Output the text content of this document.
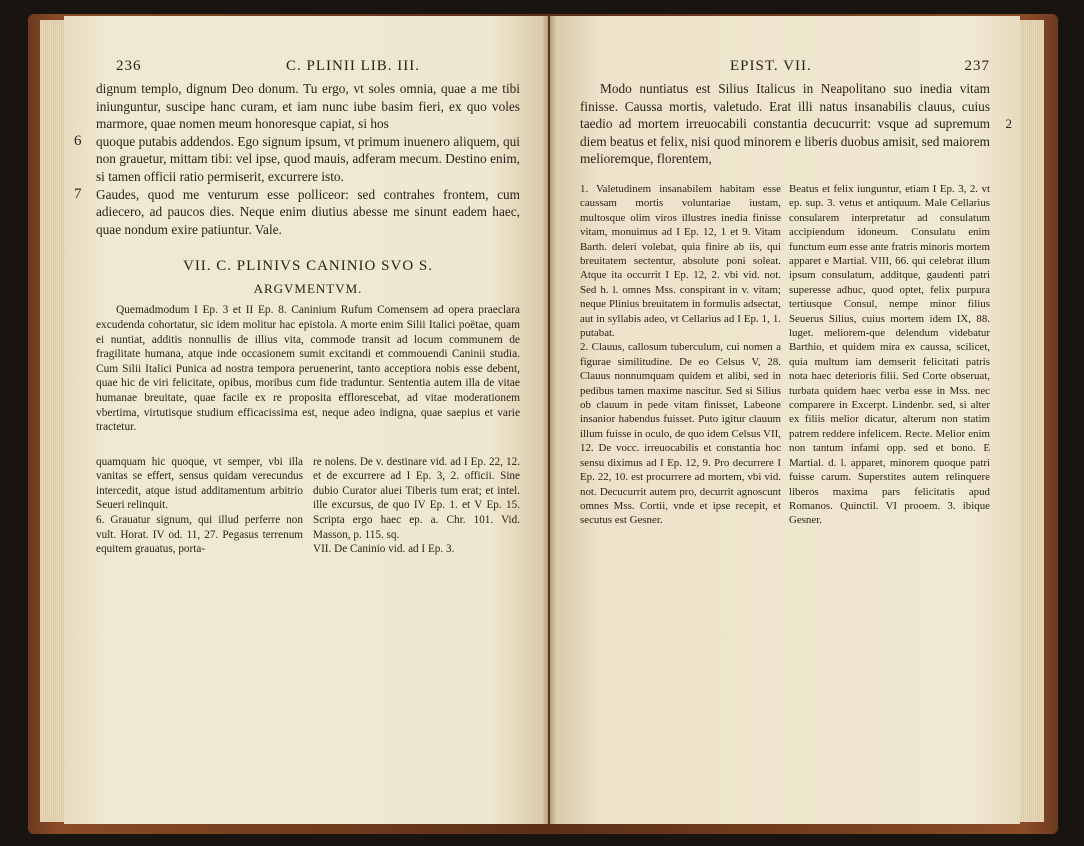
236	C. PLINII LIB. III.

dignum templo, dignum Deo donum. Tu ergo, vt soles omnia, quae a me tibi iniunguntur, suscipe hanc curam, et iam nunc iube basim fieri, ex quo voles marmore, quae nomen meum honoresque capiat, si hos

6 quoque putabis addendos. Ego signum ipsum, vt primum inuenero aliquem, qui non grauetur, mittam tibi: vel ipse, quod mauis, adferam mecum. Destino enim, si tamen officii ratio permiserit, excurrere isto.

7 Gaudes, quod me venturum esse polliceor: sed contrahes frontem, cum adiecero, ad paucos dies. Neque enim diutius abesse me sinunt eadem haec, quae nondum exire patiuntur. Vale.

VII. C. PLINIVS CANINIO SVO S.
ARGVMENTVM.

Quemadmodum I Ep. 3 et II Ep. 8. Caninium Rufum Comensem ad opera praeclara excudenda cohortatur, sic idem molitur hac epistola. A morte enim Silii Italici poëtae, quam ei nuntiat, additis nonnullis de illius vita, commode transit ad locum communem de fragilitate humana, atque inde occasionem sumit excitandi et commouendi Caninii studia. Cum Silii Italici Punica ad nostra tempora peruenerint, tanto acceptiora nobis esse debent, quae hic de viri felicitate, opibus, moribus cum fide traduntur. Sententia autem illa de vitae humanae breuitate, quae facile ex re proposita efflorescebat, ad vitae moderationem vbertima, virtutisque studium efficacissima est, neque adeo indigna, quae saepius et varie tractetur.

quamquam hic quoque, vt semper, vbi illa vanitas se effert, sensus quidam verecundus intercedit, atque istud additamentum arbitrio Seueri relinquit.
6. Grauatur signum, qui illud perferre non vult. Horat. IV od. 11, 27. Pegasus terrenum equitem grauatus, porta-

re nolens. De v. destinare vid. ad I Ep. 22, 12. et de excurrere ad I Ep. 3, 2. officii. Sine dubio Curator aluei Tiberis tum erat; et intel. ille excursus, de quo IV Ep. 1. et V Ep. 15. Scripta ergo haec ep. a. Chr. 101. Vid. Masson, p. 115. sq.
VII. De Caninio vid. ad I Ep. 3.

EPIST. VII.	237
2

Modo nuntiatus est Silius Italicus in Neapolitano suo inedia vitam finisse. Caussa mortis, valetudo. Erat illi natus insanabilis clauus, cuius taedio ad mortem irreuocabili constantia decucurrit: vsque ad supremum diem beatus et felix, nisi quod minorem e liberis duobus amisit, sed maiorem melioremque, florentem,

1. Valetudinem insanabilem habitam esse caussam mortis voluntariae iustam, multosque olim viros illustres inedia finisse vitam, monuimus ad I Ep. 12, 1 et 9. Vitam Barth. deleri volebat, quia finire ab iis, qui breuitatem sectentur, absolute poni soleat. Atque ita occurrit I Ep. 12, 2. vbi vid. not. Sed h. l. omnes Mss. conspirant in v. vitam; neque Plinius breuitatem in formulis adsectat, aut in syllabis adeo, vt Cellarius ad I Ep. 1, 1. putabat.
2. Clauus, callosum tuberculum, cui nomen a figurae similitudine. De eo Celsus V, 28. Clauus nonnumquam quidem et alibi, sed in pedibus tamen maxime nascitur. Sed si Silius ob clauum in pede vitam finisset, Labeone insanior habendus fuisset. Puto igitur clauum illum fuisse in oculo, de quo idem Celsus VII, 12. De vocc. irreuocabilis et constantia hoc sensu diximus ad I Ep. 12, 9. Pro decurrere I Ep. 22, 10. est procurrere ad mortem, vbi vid. not. Decucurrit autem pro, decurrit agnoscunt omnes Mss. Cortii, vnde et ipse recepit, et secutus est Gesner.

Beatus et felix iunguntur, etiam I Ep. 3, 2. vt ep. sup. 3. vetus et antiquum. Male Cellarius consularem interpretatur ad consulatum accipiendum idoneum. Consulatu enim functum eum esse ante fratris minoris mortem apparet e Martial. VIII, 66. qui celebrat illum ipsum consulatum, additque, gaudenti patri superesse adhuc, quod optet, felix purpura tertiusque Consul, nempe minor filius Seuerus Silius, cuius mortem idem IX, 88. luget. meliorem-que delendum videbatur Barthio, et quidem mira ex caussa, scilicet, quia multum iam demserit felicitati patris nota haec deterioris filii. Sed Corte obseruat, turbata quidem haec verba esse in Mss. nec comparere in Excerpt. Lindenbr. sed, si alter ex filiis melior dicatur, alterum non statim patrem reddere infelicem. Recte. Melior enim non tantum infami opp. sed et bono. E Martial. d. l. apparet, minorem quoque patri fuisse carum. Superstites autem relinquere liberos maxima pars felicitatis apud Romanos. Quinctil. VI prooem. 3. ibique Gesner.
